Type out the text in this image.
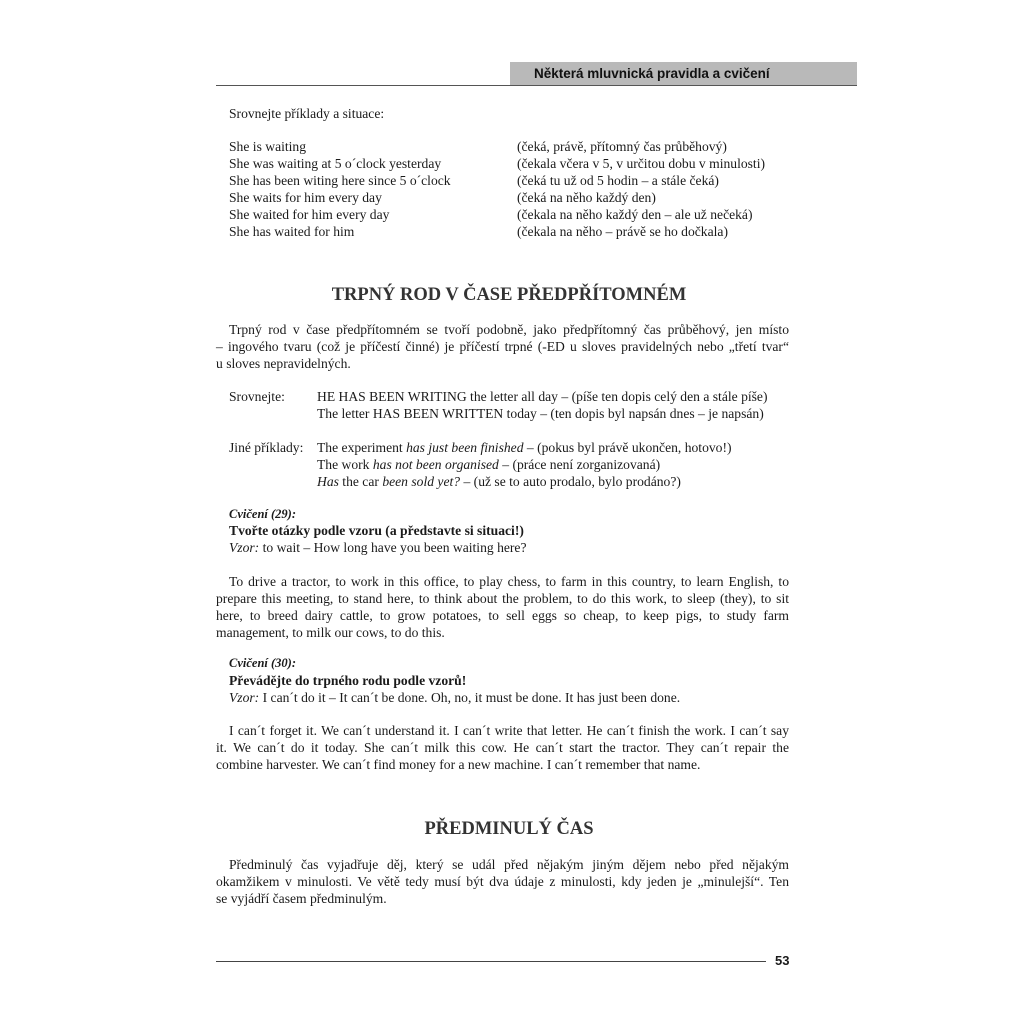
Některá mluvnická pravidla a cvičení
Srovnejte příklady a situace:
She is waiting	(čeká, právě, přítomný čas průběhový)
She was waiting at 5 o´clock yesterday	(čekala včera v 5, v určitou dobu v minulosti)
She has been witing here since 5 o´clock	(čeká tu už od 5 hodin – a stále čeká)
She waits for him every day	(čeká na něho každý den)
She waited for him every day	(čekala na něho každý den – ale už nečeká)
She has waited for him	(čekala na něho – právě se ho dočkala)
TRPNÝ ROD V ČASE PŘEDPŘÍTOMNÉM
Trpný rod v čase předpřítomném se tvoří podobně, jako předpřítomný čas průběhový, jen místo
– ingového tvaru (což je příčestí činné) je příčestí trpné (-ED u sloves pravidelných nebo „třetí tvar“
u sloves nepravidelných.
Srovnejte: HE HAS BEEN WRITING the letter all day – (píše ten dopis celý den a stále píše)
The letter HAS BEEN WRITTEN today – (ten dopis byl napsán dnes – je napsán)
Jiné příklady: The experiment has just been finished – (pokus byl právě ukončen, hotovo!)
The work has not been organised – (práce není zorganizovaná)
Has the car been sold yet? – (už se to auto prodalo, bylo prodáno?)
Cvičení (29):
Tvořte otázky podle vzoru (a představte si situaci!)
Vzor: to wait – How long have you been waiting here?
To drive a tractor, to work in this office, to play chess, to farm in this country, to learn English, to
prepare this meeting, to stand here, to think about the problem, to do this work, to sleep (they), to sit
here, to breed dairy cattle, to grow potatoes, to sell eggs so cheap, to keep pigs, to study farm
management, to milk our cows, to do this.
Cvičení (30):
Převádějte do trpného rodu podle vzorů!
Vzor: I can´t do it – It can´t be done. Oh, no, it must be done. It has just been done.
I can´t forget it. We can´t understand it. I can´t write that letter. He can´t finish the work. I can´t say
it. We can´t do it today. She can´t milk this cow. He can´t start the tractor. They can´t repair the
combine harvester. We can´t find money for a new machine. I can´t remember that name.
PŘEDMINULÝ ČAS
Předminulý čas vyjadřuje děj, který se udál před nějakým jiným dějem nebo před nějakým
okamžikem v minulosti. Ve větě tedy musí být dva údaje z minulosti, kdy jeden je „minulejší“. Ten
se vyjádří časem předminulým.
53
